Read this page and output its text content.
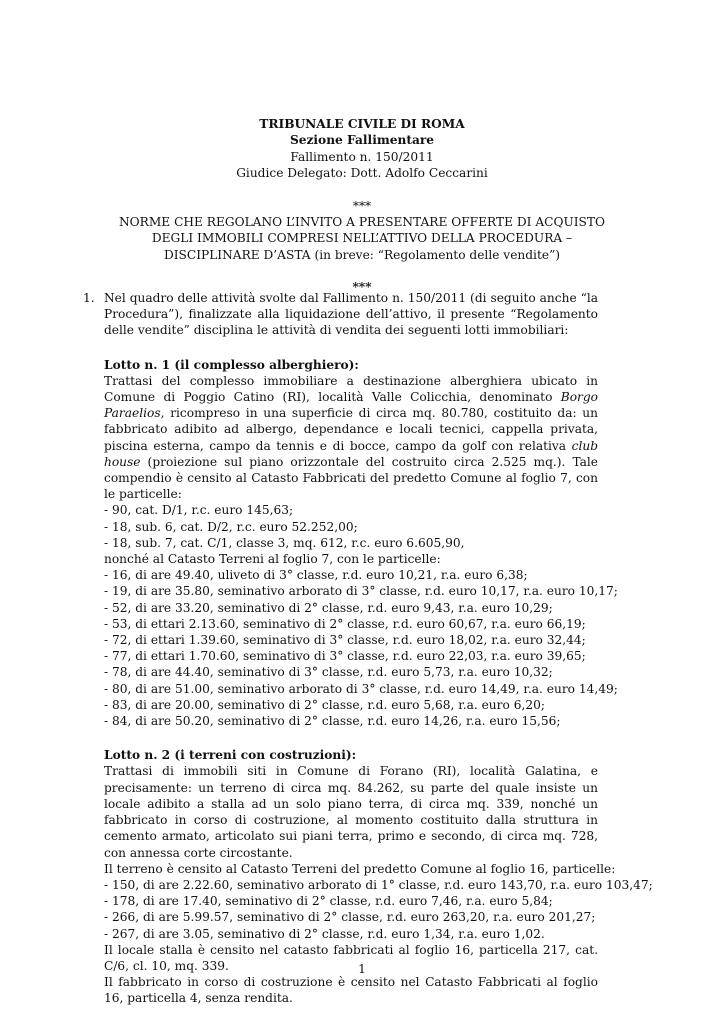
TRIBUNALE CIVILE DI ROMA
Sezione Fallimentare
Fallimento n. 150/2011
Giudice Delegato: Dott. Adolfo Ceccarini
***
NORME CHE REGOLANO L’INVITO A PRESENTARE OFFERTE DI ACQUISTO
DEGLI IMMOBILI COMPRESI NELL’ATTIVO DELLA PROCEDURA –
DISCIPLINARE D’ASTA (in breve: “Regolamento delle vendite”)
***
1. Nel quadro delle attività svolte dal Fallimento n. 150/2011 (di seguito anche “la Procedura”), finalizzate alla liquidazione dell’attivo, il presente “Regolamento delle vendite” disciplina le attività di vendita dei seguenti lotti immobiliari:
Lotto n. 1 (il complesso alberghiero):
Trattasi del complesso immobiliare a destinazione alberghiera ubicato in Comune di Poggio Catino (RI), località Valle Colicchia, denominato Borgo Paraelios, ricompreso in una superficie di circa mq. 80.780, costituito da: un fabbricato adibito ad albergo, dependance e locali tecnici, cappella privata, piscina esterna, campo da tennis e di bocce, campo da golf con relativa club house (proiezione sul piano orizzontale del costruito circa 2.525 mq.). Tale compendio è censito al Catasto Fabbricati del predetto Comune al foglio 7, con le particelle:
- 90, cat. D/1, r.c. euro 145,63;
- 18, sub. 6, cat. D/2, r.c. euro 52.252,00;
- 18, sub. 7, cat. C/1, classe 3, mq. 612, r.c. euro 6.605,90,
nonché al Catasto Terreni al foglio 7, con le particelle:
- 16, di are 49.40, uliveto di 3° classe, r.d. euro 10,21, r.a. euro 6,38;
- 19, di are 35.80, seminativo arborato di 3° classe, r.d. euro 10,17, r.a. euro 10,17;
- 52, di are 33.20, seminativo di 2° classe, r.d. euro 9,43, r.a. euro 10,29;
- 53, di ettari 2.13.60, seminativo di 2° classe, r.d. euro 60,67, r.a. euro 66,19;
- 72, di ettari 1.39.60, seminativo di 3° classe, r.d. euro 18,02, r.a. euro 32,44;
- 77, di ettari 1.70.60, seminativo di 3° classe, r.d. euro 22,03, r.a. euro 39,65;
- 78, di are 44.40, seminativo di 3° classe, r.d. euro 5,73, r.a. euro 10,32;
- 80, di are 51.00, seminativo arborato di 3° classe, r.d. euro 14,49, r.a. euro 14,49;
- 83, di are 20.00, seminativo di 2° classe, r.d. euro 5,68, r.a. euro 6,20;
- 84, di are 50.20, seminativo di 2° classe, r.d. euro 14,26, r.a. euro 15,56;
Lotto n. 2 (i terreni con costruzioni):
Trattasi di immobili siti in Comune di Forano (RI), località Galatina, e precisamente: un terreno di circa mq. 84.262, su parte del quale insiste un locale adibito a stalla ad un solo piano terra, di circa mq. 339, nonché un fabbricato in corso di costruzione, al momento costituito dalla struttura in cemento armato, articolato sui piani terra, primo e secondo, di circa mq. 728, con annessa corte circostante.
Il terreno è censito al Catasto Terreni del predetto Comune al foglio 16, particelle:
- 150, di are 2.22.60, seminativo arborato di 1° classe, r.d. euro 143,70, r.a. euro 103,47;
- 178, di are 17.40, seminativo di 2° classe, r.d. euro 7,46, r.a. euro 5,84;
- 266, di are 5.99.57, seminativo di 2° classe, r.d. euro 263,20, r.a. euro 201,27;
- 267, di are 3.05, seminativo di 2° classe, r.d. euro 1,34, r.a. euro 1,02.
Il locale stalla è censito nel catasto fabbricati al foglio 16, particella 217, cat. C/6, cl. 10, mq. 339.
Il fabbricato in corso di costruzione è censito nel Catasto Fabbricati al foglio 16, particella 4, senza rendita.
1
